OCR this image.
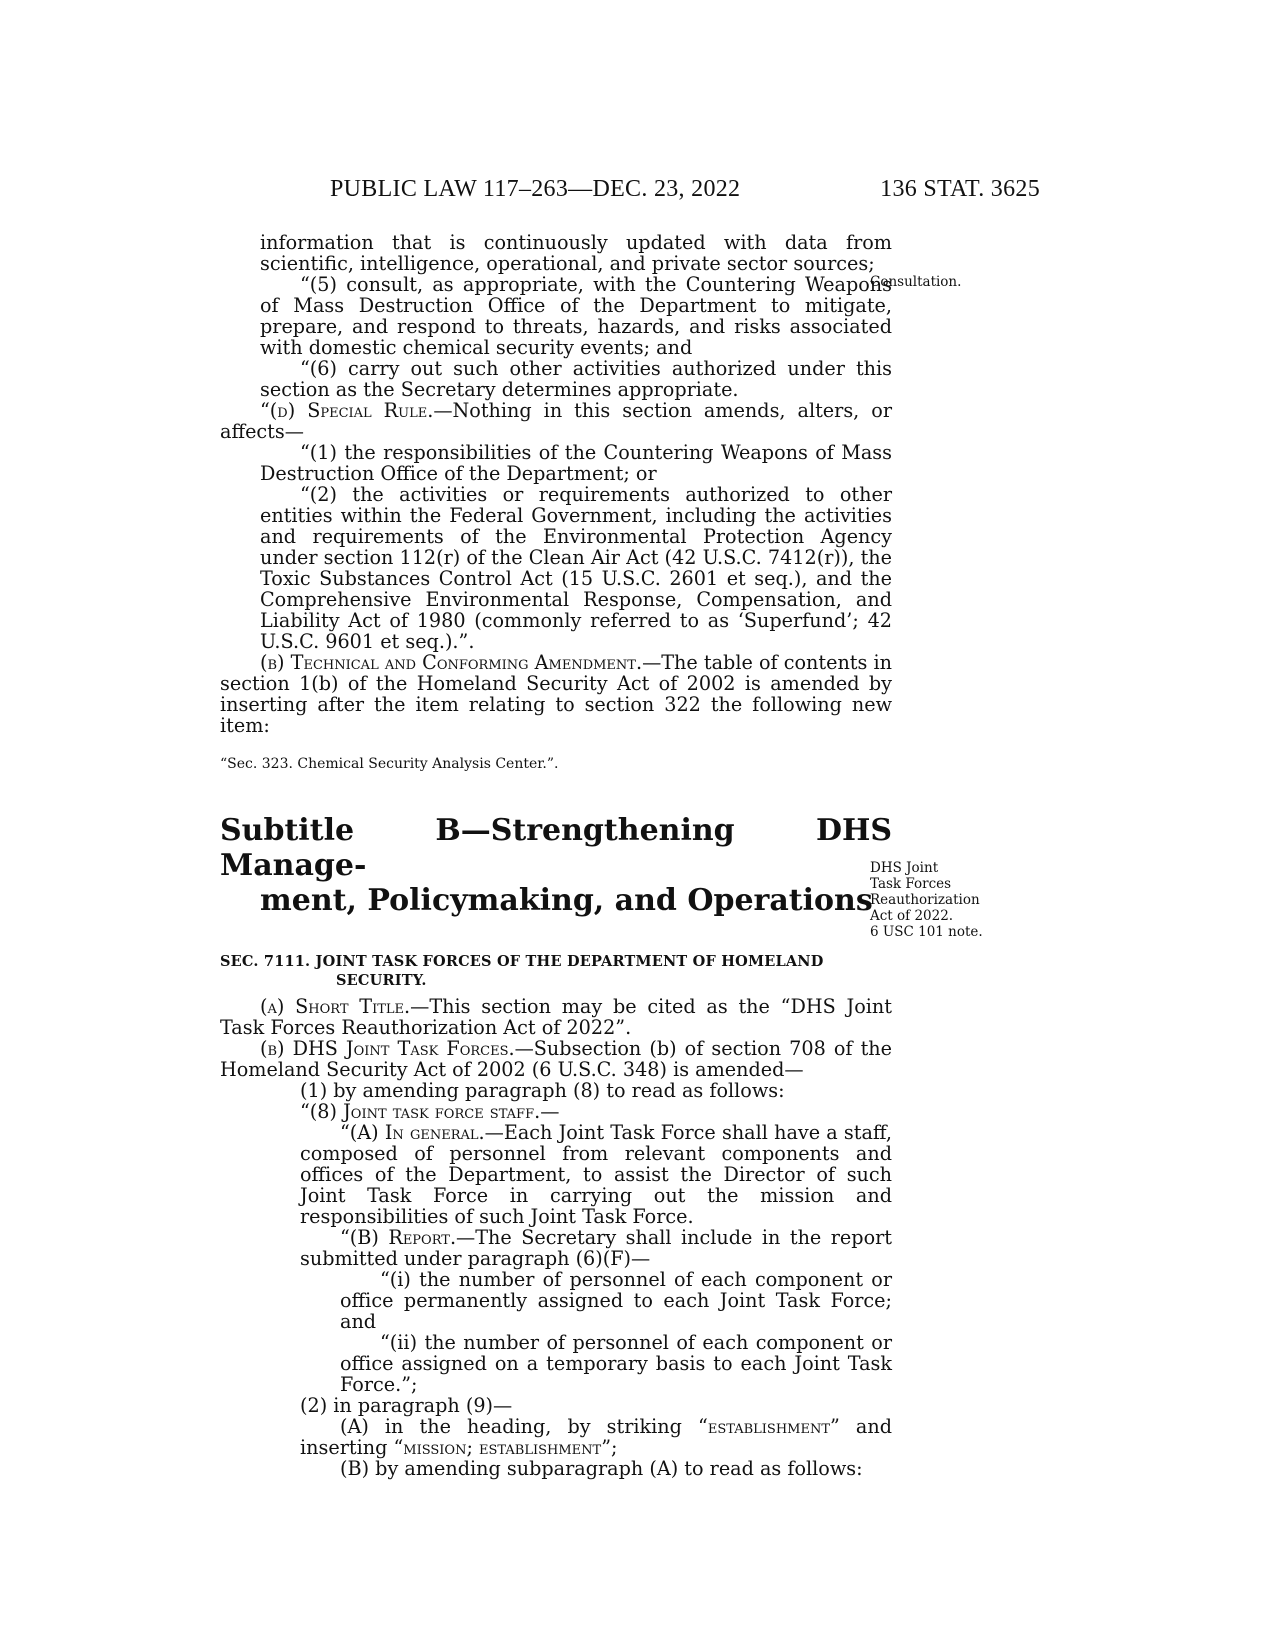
PUBLIC LAW 117–263—DEC. 23, 2022	136 STAT. 3625
Consultation.
DHS Joint
Task Forces
Reauthorization
Act of 2022.
6 USC 101 note.

information that is continuously updated with data from scientific, intelligence, operational, and private sector sources;

“(5) consult, as appropriate, with the Countering Weapons of Mass Destruction Office of the Department to mitigate, prepare, and respond to threats, hazards, and risks associated with domestic chemical security events; and

“(6) carry out such other activities authorized under this section as the Secretary determines appropriate.

“(d) Special Rule.—Nothing in this section amends, alters, or affects—

“(1) the responsibilities of the Countering Weapons of Mass Destruction Office of the Department; or

“(2) the activities or requirements authorized to other entities within the Federal Government, including the activities and requirements of the Environmental Protection Agency under section 112(r) of the Clean Air Act (42 U.S.C. 7412(r)), the Toxic Substances Control Act (15 U.S.C. 2601 et seq.), and the Comprehensive Environmental Response, Compensation, and Liability Act of 1980 (commonly referred to as ‘Superfund’; 42 U.S.C. 9601 et seq.).”.

(b) Technical and Conforming Amendment.—The table of contents in section 1(b) of the Homeland Security Act of 2002 is amended by inserting after the item relating to section 322 the following new item:

“Sec. 323. Chemical Security Analysis Center.”.

Subtitle B—Strengthening DHS Manage-
ment, Policymaking, and Operations

SEC. 7111. JOINT TASK FORCES OF THE DEPARTMENT OF HOMELAND SECURITY.

(a) Short Title.—This section may be cited as the “DHS Joint Task Forces Reauthorization Act of 2022”.

(b) DHS Joint Task Forces.—Subsection (b) of section 708 of the Homeland Security Act of 2002 (6 U.S.C. 348) is amended—

(1) by amending paragraph (8) to read as follows:

“(8) Joint task force staff.—

“(A) In general.—Each Joint Task Force shall have a staff, composed of personnel from relevant components and offices of the Department, to assist the Director of such Joint Task Force in carrying out the mission and responsibilities of such Joint Task Force.

“(B) Report.—The Secretary shall include in the report submitted under paragraph (6)(F)—

“(i) the number of personnel of each component or office permanently assigned to each Joint Task Force; and

“(ii) the number of personnel of each component or office assigned on a temporary basis to each Joint Task Force.”;

(2) in paragraph (9)—

(A) in the heading, by striking “establishment” and inserting “mission; establishment”;

(B) by amending subparagraph (A) to read as follows:
